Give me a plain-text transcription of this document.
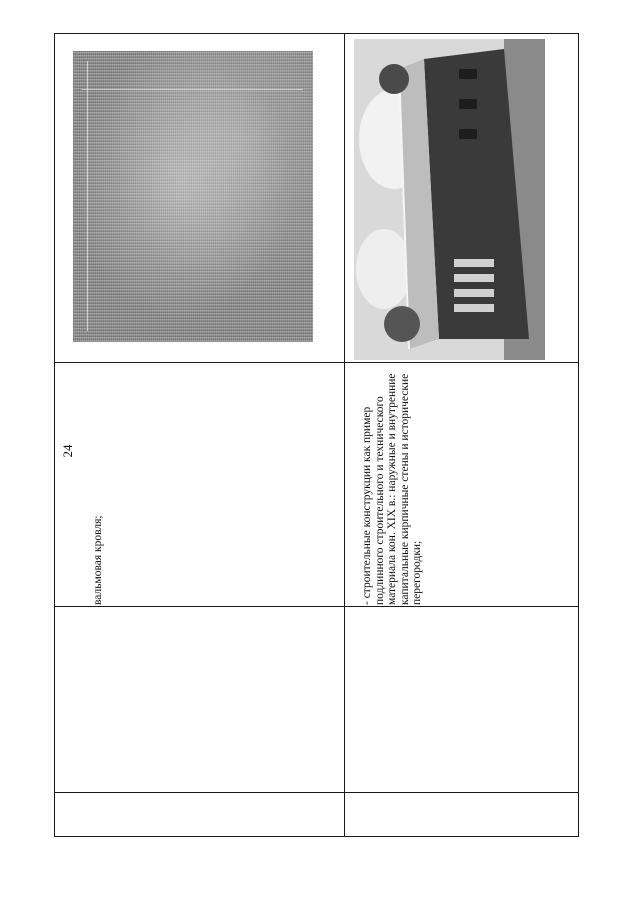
24
вальмовая кровля;	- строительные конструкции как пример подлинного строительного и технического материала кон. XIX в.: наружные и внутренние капитальные кирпичные стены и исторические перегородки;
